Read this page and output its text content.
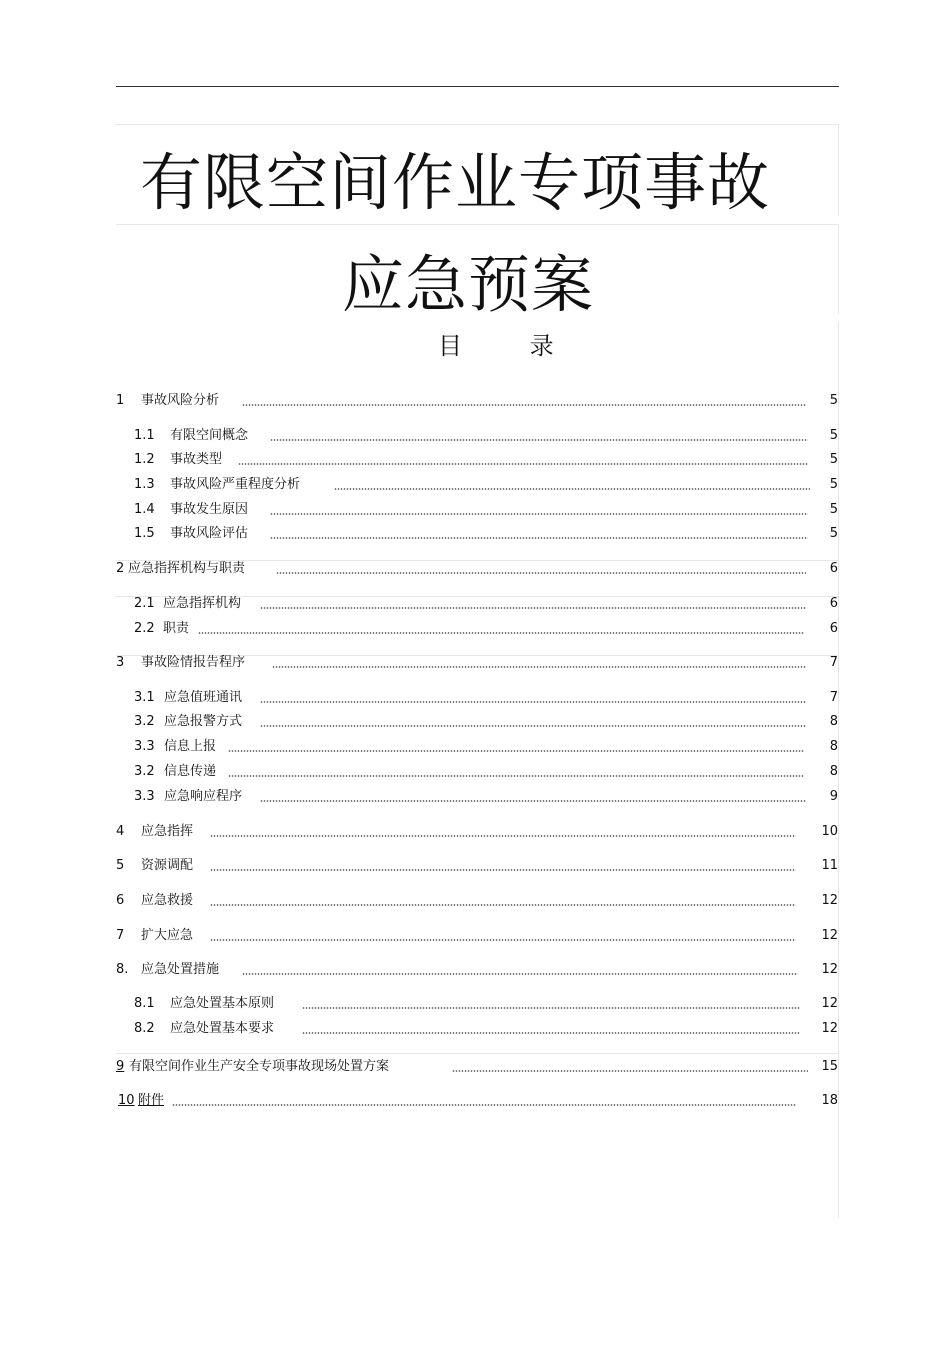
有限空间作业专项事故
应急预案
目 录
1 事故风险分析	5
1.1 有限空间概念	5
1.2 事故类型	5
1.3 事故风险严重程度分析	5
1.4 事故发生原因	5
1.5 事故风险评估	5
2 应急指挥机构与职责	6
2.1 应急指挥机构	6
2.2 职责	6
3 事故险情报告程序	7
3.1 应急值班通讯	7
3.2 应急报警方式	8
3.3 信息上报	8
3.2 信息传递	8
3.3 应急响应程序	9
4 应急指挥	10
5 资源调配	11
6 应急救援	12
7 扩大应急	12
8. 应急处置措施	12
8.1 应急处置基本原则	12
8.2 应急处置基本要求	12
9 有限空间作业生产安全专项事故现场处置方案	15
10 附件	18
